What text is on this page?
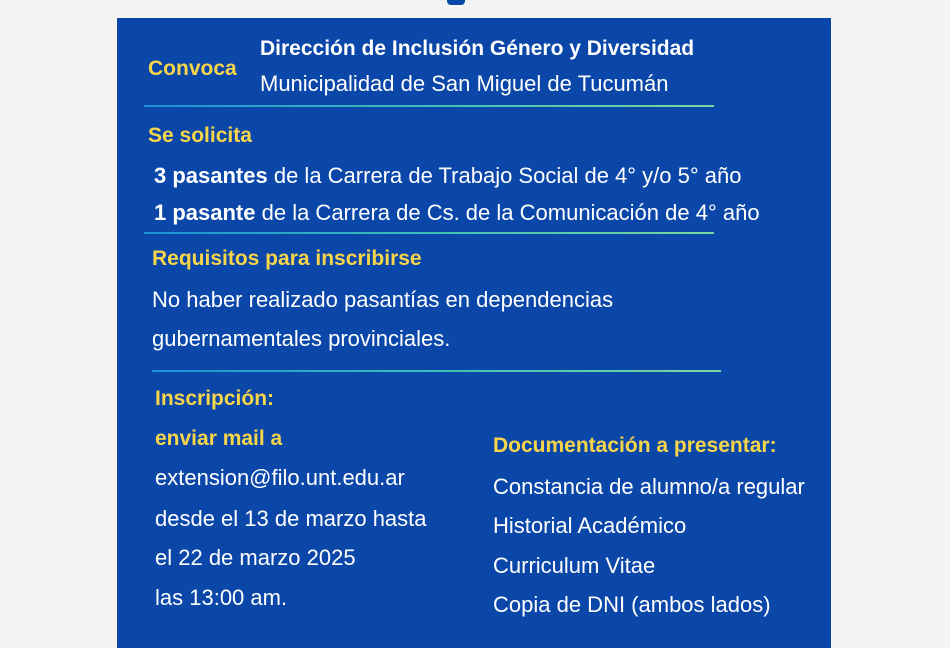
Convoca
Dirección de Inclusión Género y Diversidad
Municipalidad de San Miguel de Tucumán
Se solicita
3 pasantes de la Carrera de Trabajo Social de 4° y/o 5° año
1 pasante de la Carrera de Cs. de la Comunicación de 4° año
Requisitos para inscribirse
No haber realizado pasantías en dependencias
gubernamentales provinciales.
Inscripción:
enviar mail a
extension@filo.unt.edu.ar
desde el 13 de marzo hasta
el 22 de marzo 2025
las 13:00 am.
Documentación a presentar:
Constancia de alumno/a regular
Historial Académico
Curriculum Vitae
Copia de DNI (ambos lados)
